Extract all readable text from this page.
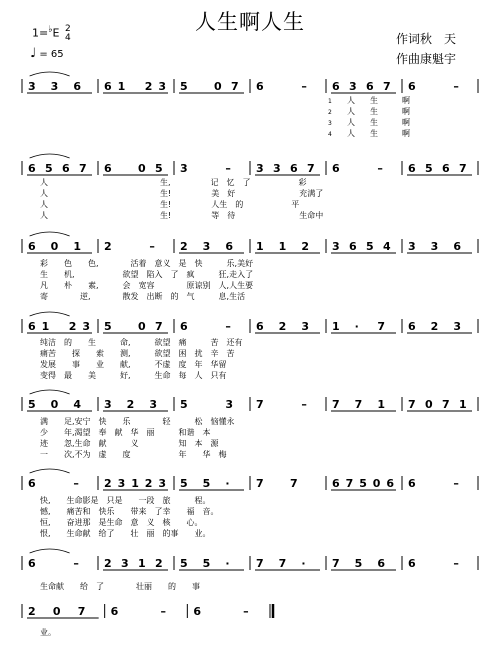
人生啊人生
1=♭E 2
4
♩ = 65
作词秋　天
作曲康魁宇
3 3 6 6 1 2 3 5 0 7 6	– 6 3 6 7 6	–
6 5 6 7 6 0 5 3	– 3 3 6 7 6	– 6 5 6 7
6 0 1 2	– 2 3 6 1 1 2 3 6 5 4 3 3 6
6 1 2 3 5 0 7 6	– 6 2 3 1 · 7 6 2 3
5 0 4 3 2 3 5	3 7	– 7 7 1 7 0 7 1
6	– 2 3 1 2 3 5 5 · 7 7	6 7 5 0 6 6	–
6	– 2 3 1 2 5 5 · 7 7 · 7 5 6 6	–
2 0 7 6	– 6	–
1 人 生	啊
2 人 生	啊
3 人 生	啊
4 人 生	啊
人　　　　　　　　　　　　　　生,　　　　　记　忆　了　　　　　　彩
人　　　　　　　　　　　　　　生!　　　　　美　好　　　　　　　　充满了
人　　　　　　　　　　　　　　生!　　　　　人生　的　　　　　　平
人　　　　　　　　　　　　　　生!　　　　　等　待　　　　　　　　生命中
彩　　色　　色,　　　　活着　意义　是　快　　　乐,美好
生　　机,　　　　　　欲望　陷入　了　疯　　　狂,走入了
凡　　朴　　素,　　　会　宽容　　　　原谅别　人,人生要
寄　　　　逆,　　　　散发　出断　的　气　　　息,生活
纯洁　的　　生　　　命,　　　欲望　痛　　　苦　还有
痛苦　　探　　索　　测,　　　欲望　困　扰　辛　苦
发展　　事　　业　　献,　　　不虚　度　年　华留
变得　最　　美　　　好,　　　生命　每　人　只有
满　　足,安宁　快　　乐　　　　轻　　　松　恼懂永
少　　年,渴望　奉　献　华　丽　　　和谐　本　　
迹　　忽,生命　献　　　义　　　　　知　本　源　
一　　次,不为　虚　　度　　　　　　年　　华　梅
快,　　生命影是　只是　　一段　旅　　　程。
憾,　　痛苦和　快乐　　带来　了幸　　福　音。
恒,　　奋进那　是生命　意　义　核　　心。
恨,　　生命献　给了　　壮　丽　的事　　业。
生命献　　给　了　　　　壮丽　　的　　事
业。
